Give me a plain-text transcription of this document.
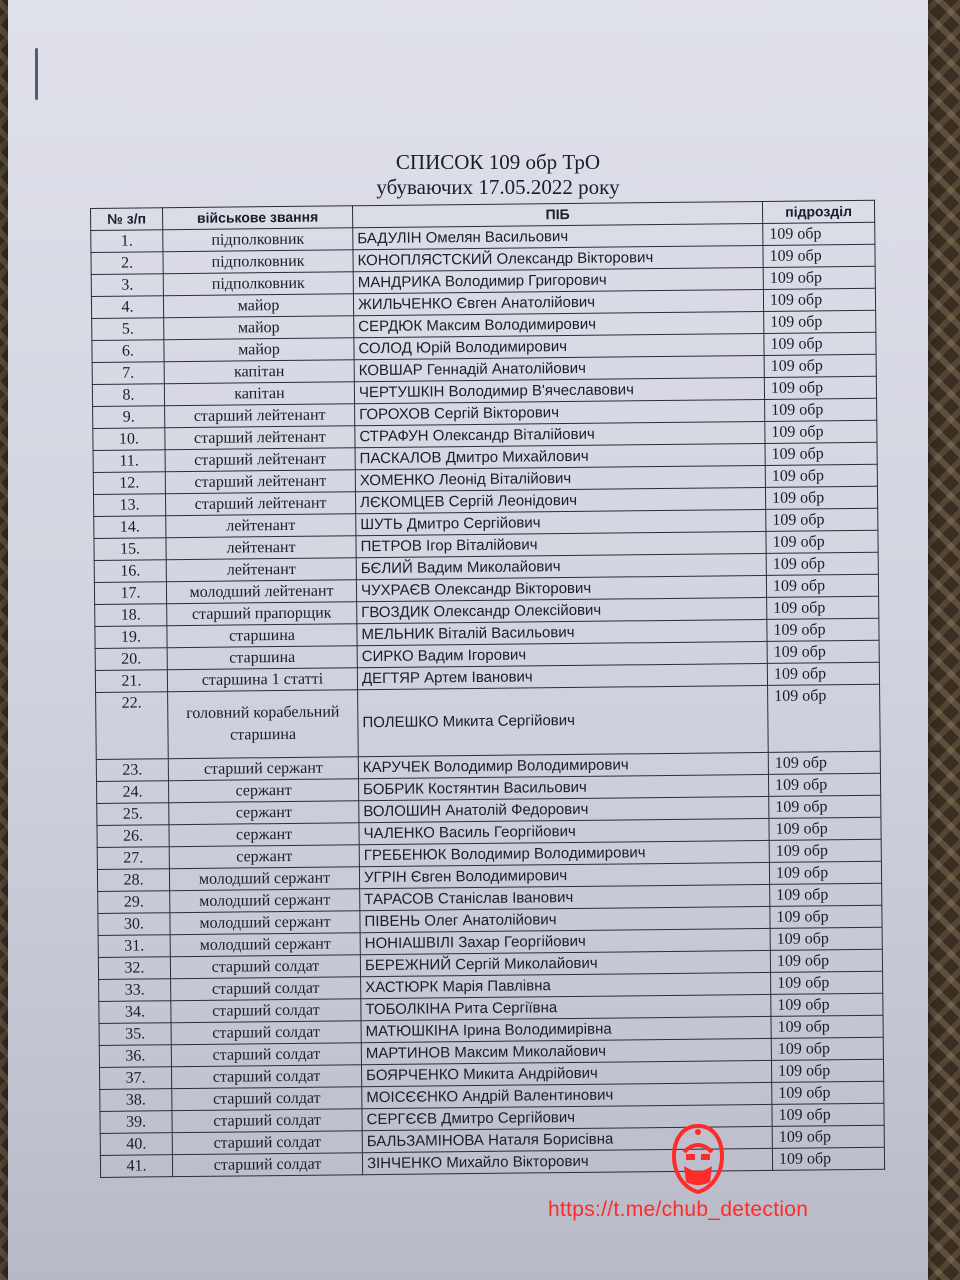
СПИСОК 109 обр ТрО
убуваючих 17.05.2022 року
№ з/п	військове звання	ПІБ	підрозділ
1.	підполковник	БАДУЛІН Омелян Васильович	109 обр
2.	підполковник	КОНОПЛЯСТСКИЙ Олександр Вікторович	109 обр
3.	підполковник	МАНДРИКА Володимир Григорович	109 обр
4.	майор	ЖИЛЬЧЕНКО Євген Анатолійович	109 обр
5.	майор	СЕРДЮК Максим Володимирович	109 обр
6.	майор	СОЛОД Юрій Володимирович	109 обр
7.	капітан	КОВШАР Геннадій Анатолійович	109 обр
8.	капітан	ЧЕРТУШКІН Володимир В'ячеславович	109 обр
9.	старший лейтенант	ГОРОХОВ Сергій Вікторович	109 обр
10.	старший лейтенант	СТРАФУН Олександр Віталійович	109 обр
11.	старший лейтенант	ПАСКАЛОВ Дмитро Михайлович	109 обр
12.	старший лейтенант	ХОМЕНКО Леонід Віталійович	109 обр
13.	старший лейтенант	ЛЄКОМЦЕВ Сергій Леонідович	109 обр
14.	лейтенант	ШУТЬ Дмитро Сергійович	109 обр
15.	лейтенант	ПЕТРОВ Ігор Віталійович	109 обр
16.	лейтенант	БЄЛИЙ Вадим Миколайович	109 обр
17.	молодший лейтенант	ЧУХРАЄВ Олександр Вікторович	109 обр
18.	старший прапорщик	ГВОЗДИК Олександр Олексійович	109 обр
19.	старшина	МЕЛЬНИК Віталій Васильович	109 обр
20.	старшина	СИРКО Вадим Ігорович	109 обр
21.	старшина 1 статті	ДЕГТЯР Артем Іванович	109 обр
22.	головний корабельний старшина	ПОЛЕШКО Микита Сергійович	109 обр
23.	старший сержант	КАРУЧЕК Володимир Володимирович	109 обр
24.	сержант	БОБРИК Костянтин Васильович	109 обр
25.	сержант	ВОЛОШИН Анатолій Федорович	109 обр
26.	сержант	ЧАЛЕНКО Василь Георгійович	109 обр
27.	сержант	ГРЕБЕНЮК Володимир Володимирович	109 обр
28.	молодший сержант	УГРІН Євген Володимирович	109 обр
29.	молодший сержант	ТАРАСОВ Станіслав Іванович	109 обр
30.	молодший сержант	ПІВЕНЬ Олег Анатолійович	109 обр
31.	молодший сержант	НОНІАШВІЛІ Захар Георгійович	109 обр
32.	старший солдат	БЕРЕЖНИЙ Сергій Миколайович	109 обр
33.	старший солдат	ХАСТЮРК Марія Павлівна	109 обр
34.	старший солдат	ТОБОЛКІНА Рита Сергіївна	109 обр
35.	старший солдат	МАТЮШКІНА Ірина Володимирівна	109 обр
36.	старший солдат	МАРТИНОВ Максим Миколайович	109 обр
37.	старший солдат	БОЯРЧЕНКО Микита Андрійович	109 обр
38.	старший солдат	МОІСЄЄНКО Андрій Валентинович	109 обр
39.	старший солдат	СЕРГЄЄВ Дмитро Сергійович	109 обр
40.	старший солдат	БАЛЬЗАМІНОВА Наталя Борисівна	109 обр
41.	старший солдат	ЗІНЧЕНКО Михайло Вікторович	109 обр
https://t.me/chub_detection
